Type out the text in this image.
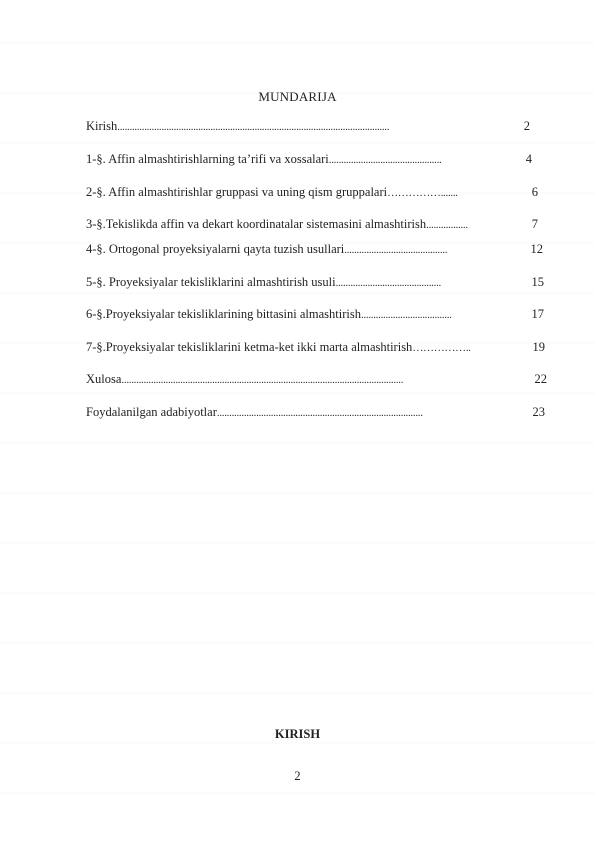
MUNDARIJA
Kirish ...............................................................................................................	2
1-§. Affin almashtirishlarning ta’rifi va xossalari ..............................................	4
2-§. Affin almashtirishlar gruppasi va uning qism gruppalari …………….......	6
3-§.Tekislikda affin va dekart koordinatalar sistemasini almashtirish .................	7
4-§. Ortogonal proyeksiyalarni qayta tuzish usullari ..........................................	12
5-§. Proyeksiyalar tekisliklarini almashtirish usuli ...........................................	15
6-§.Proyeksiyalar tekisliklarining bittasini almashtirish .....................................	17
7-§.Proyeksiyalar tekisliklarini ketma-ket ikki marta almashtirish ……………..	19
Xulosa ...................................................................................................................	22
Foydalanilgan adabiyotlar ....................................................................................	23
KIRISH
2
